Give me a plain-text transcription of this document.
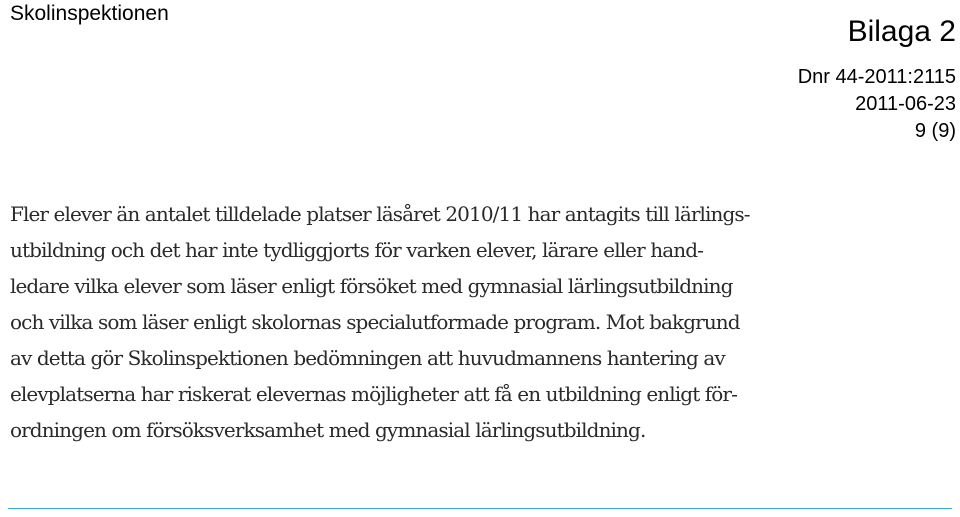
Skolinspektionen
Bilaga 2
Dnr 44-2011:2115
2011-06-23
9 (9)
Fler elever än antalet tilldelade platser läsåret 2010/11 har antagits till lärlings-
utbildning och det har inte tydliggjorts för varken elever, lärare eller hand-
ledare vilka elever som läser enligt försöket med gymnasial lärlingsutbildning
och vilka som läser enligt skolornas specialutformade program. Mot bakgrund
av detta gör Skolinspektionen bedömningen att huvudmannens hantering av
elevplatserna har riskerat elevernas möjligheter att få en utbildning enligt för-
ordningen om försöksverksamhet med gymnasial lärlingsutbildning.
